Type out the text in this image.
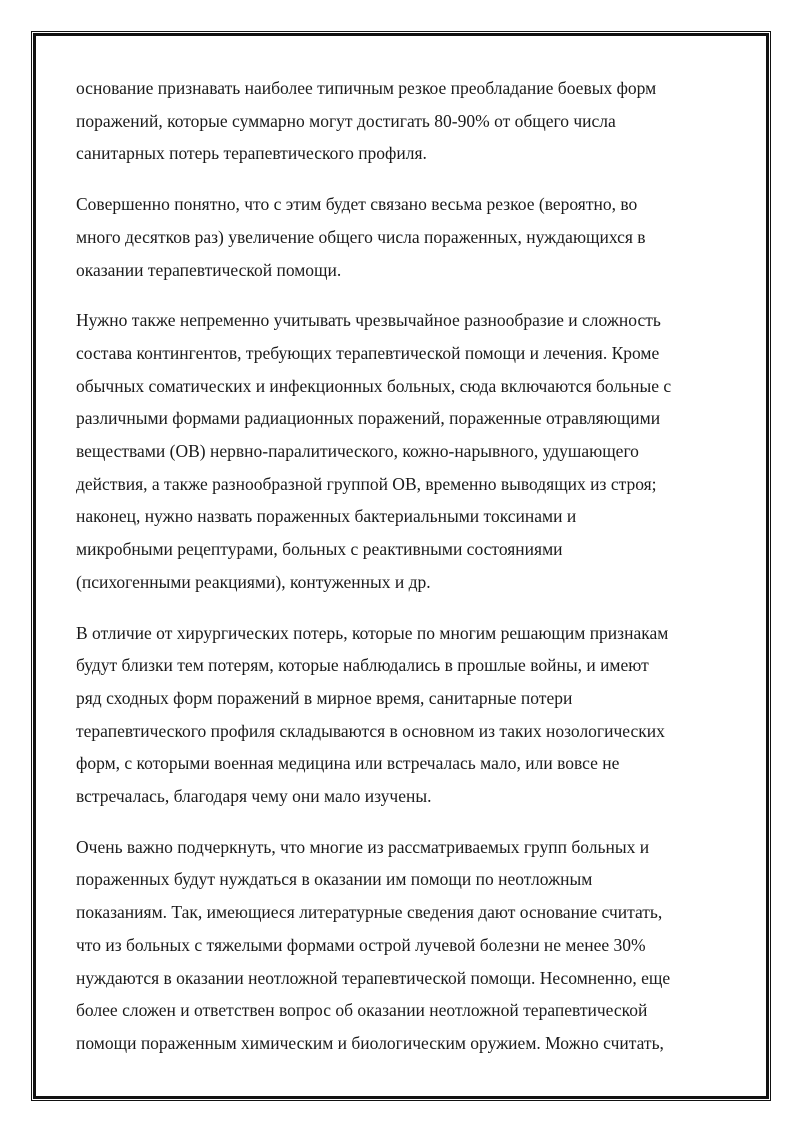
основание признавать наиболее типичным резкое преобладание боевых форм
поражений, которые суммарно могут достигать 80-90% от общего числа
санитарных потерь терапевтического профиля.

Совершенно понятно, что с этим будет связано весьма резкое (вероятно, во
много десятков раз) увеличение общего числа пораженных, нуждающихся в
оказании терапевтической помощи.

Нужно также непременно учитывать чрезвычайное разнообразие и сложность
состава контингентов, требующих терапевтической помощи и лечения. Кроме
обычных соматических и инфекционных больных, сюда включаются больные с
различными формами радиационных поражений, пораженные отравляющими
веществами (ОВ) нервно-паралитического, кожно-нарывного, удушающего
действия, а также разнообразной группой ОВ, временно выводящих из строя;
наконец, нужно назвать пораженных бактериальными токсинами и
микробными рецептурами, больных с реактивными состояниями
(психогенными реакциями), контуженных и др.

В отличие от хирургических потерь, которые по многим решающим признакам
будут близки тем потерям, которые наблюдались в прошлые войны, и имеют
ряд сходных форм поражений в мирное время, санитарные потери
терапевтического профиля складываются в основном из таких нозологических
форм, с которыми военная медицина или встречалась мало, или вовсе не
встречалась, благодаря чему они мало изучены.

Очень важно подчеркнуть, что многие из рассматриваемых групп больных и
пораженных будут нуждаться в оказании им помощи по неотложным
показаниям. Так, имеющиеся литературные сведения дают основание считать,
что из больных с тяжелыми формами острой лучевой болезни не менее 30%
нуждаются в оказании неотложной терапевтической помощи. Несомненно, еще
более сложен и ответствен вопрос об оказании неотложной терапевтической
помощи пораженным химическим и биологическим оружием. Можно считать,
